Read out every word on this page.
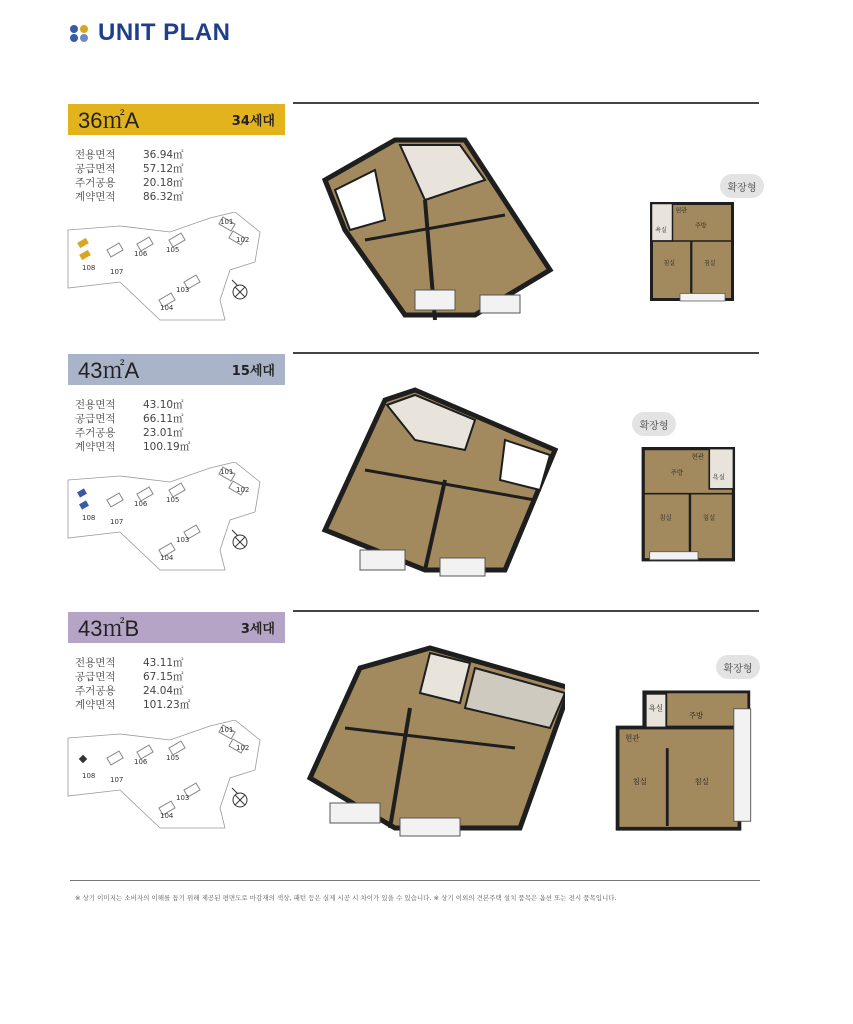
UNIT PLAN
36㎡A	34세대
전용면적	36.94㎡
공급면적	57.12㎡
주거공용	20.18㎡
계약면적	86.32㎡
108 107
106	105
101
102
103
104
확장형
현관
주방
욕실
침실	침실
43㎡A	15세대
전용면적	43.10㎡
공급면적	66.11㎡
주거공용	23.01㎡
계약면적	100.19㎡
108 107
106	105
101
102
103
104
확장형
현관
주방
욕실
침실	침실
43㎡B	3세대
전용면적	43.11㎡
공급면적	67.15㎡
주거공용	24.04㎡
계약면적	101.23㎡
108 107
106	105
101
102
103
104
확장형
현관
주방
욕실
침실	침실
※ 상기 이미지는 소비자의 이해를 돕기 위해 제공된 평면도로 마감재의 색상, 패턴 등은 실제 시공 시 차이가 있을 수 있습니다. ※ 상기 이외의 견본주택 설치 품목은 옵션 또는 전시 품목입니다.
